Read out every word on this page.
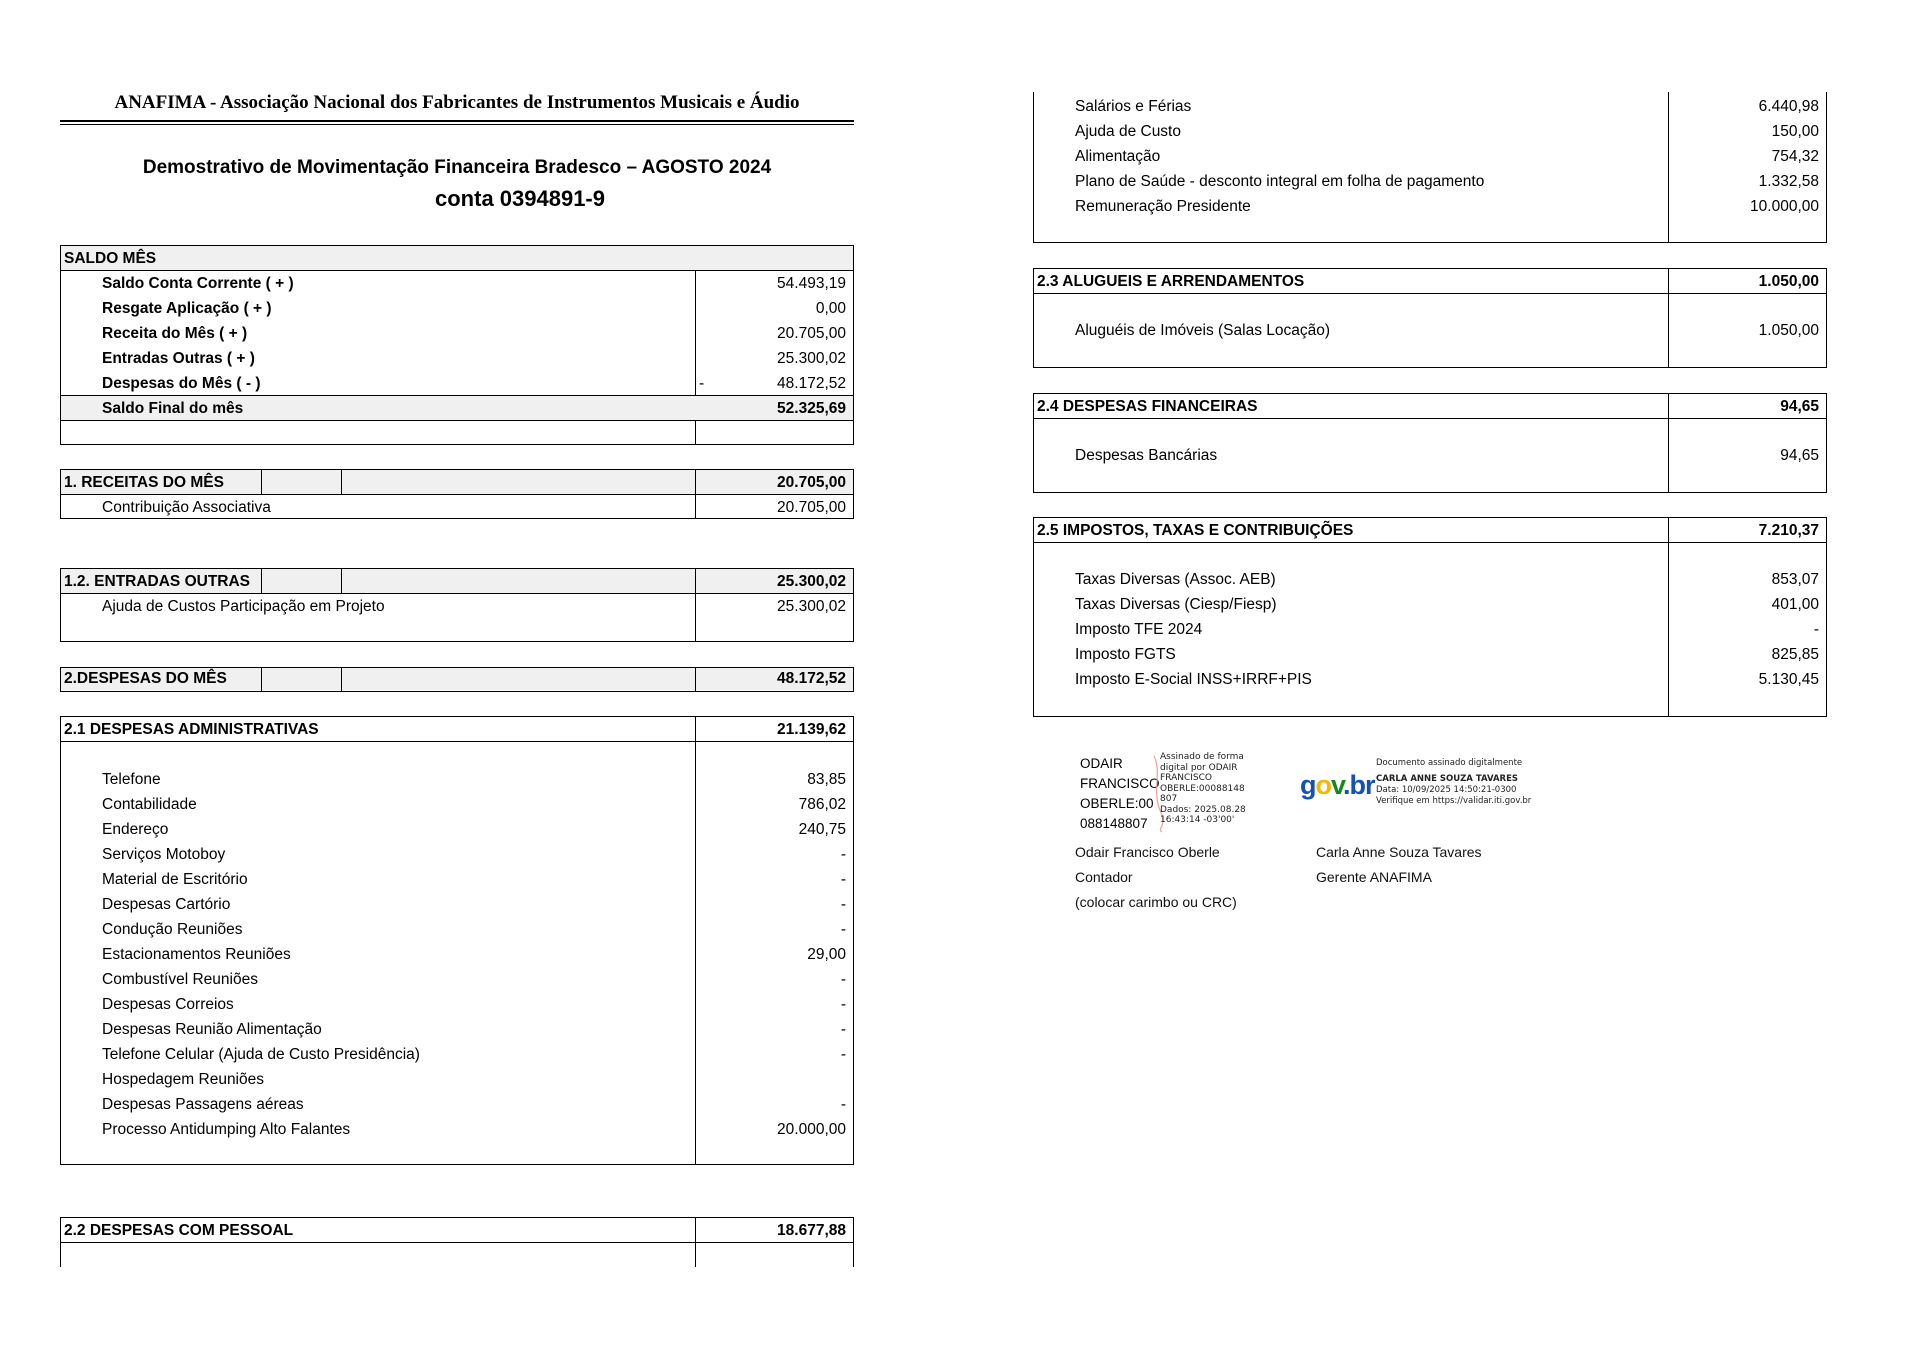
ANAFIMA - Associação Nacional dos Fabricantes de Instrumentos Musicais e Áudio
Demostrativo de Movimentação Financeira Bradesco – AGOSTO 2024
conta 0394891-9
SALDO MÊS
Saldo Conta Corrente ( + )	54.493,19
Resgate Aplicação ( + )	0,00
Receita do Mês ( + )	20.705,00
Entradas Outras ( + )	25.300,02
Despesas do Mês ( - )	-	48.172,52
Saldo Final do mês	52.325,69
1. RECEITAS DO MÊS	20.705,00
Contribuição Associativa	20.705,00
1.2. ENTRADAS OUTRAS	25.300,02
Ajuda de Custos Participação em Projeto	25.300,02
2.DESPESAS DO MÊS	48.172,52
2.1 DESPESAS ADMINISTRATIVAS	21.139,62
Telefone	83,85
Contabilidade	786,02
Endereço	240,75
Serviços Motoboy	-
Material de Escritório	-
Despesas Cartório	-
Condução Reuniões	-
Estacionamentos Reuniões	29,00
Combustível Reuniões	-
Despesas Correios	-
Despesas Reunião Alimentação	-
Telefone Celular (Ajuda de Custo Presidência)	-
Hospedagem Reuniões
Despesas Passagens aéreas	-
Processo Antidumping Alto Falantes	20.000,00
2.2 DESPESAS COM PESSOAL	18.677,88
Salários e Férias	6.440,98
Ajuda de Custo	150,00
Alimentação	754,32
Plano de Saúde - desconto integral em folha de pagamento	1.332,58
Remuneração Presidente	10.000,00
2.3 ALUGUEIS E ARRENDAMENTOS	1.050,00
Aluguéis de Imóveis (Salas Locação)	1.050,00
2.4 DESPESAS FINANCEIRAS	94,65
Despesas Bancárias	94,65
2.5 IMPOSTOS, TAXAS E CONTRIBUIÇÕES	7.210,37
Taxas Diversas (Assoc. AEB)	853,07
Taxas Diversas (Ciesp/Fiesp)	401,00
Imposto TFE 2024	-
Imposto FGTS	825,85
Imposto E-Social INSS+IRRF+PIS	5.130,45
ODAIR
FRANCISCO
OBERLE:00
088148807
Assinado de forma
digital por ODAIR
FRANCISCO
OBERLE:00088148
807
Dados: 2025.08.28
16:43:14 -03'00'
Odair Francisco Oberle
Contador
(colocar carimbo ou CRC)
gov.br
Documento assinado digitalmente
CARLA ANNE SOUZA TAVARES
Data: 10/09/2025 14:50:21-0300
Verifique em https://validar.iti.gov.br
Carla Anne Souza Tavares
Gerente ANAFIMA
